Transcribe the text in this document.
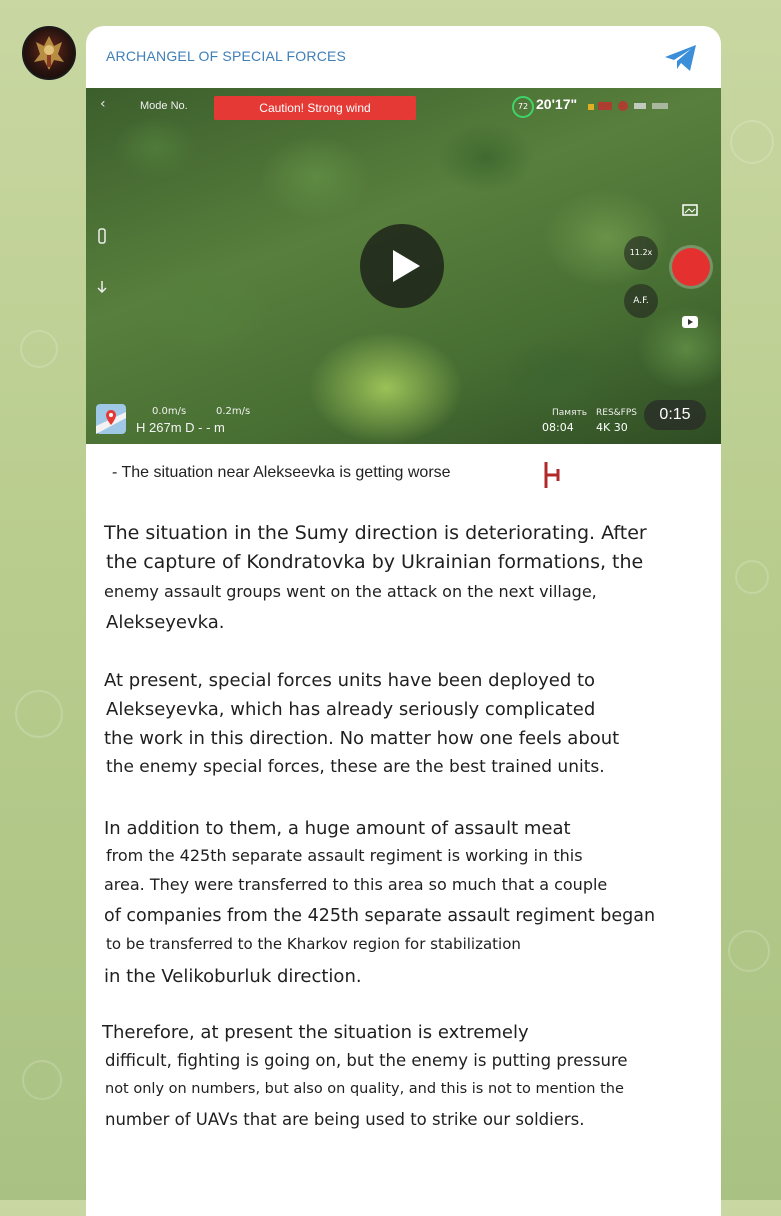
ARCHANGEL OF SPECIAL FORCES
‹	Mode No.	Caution! Strong wind	72 20'17"
11.2x
A.F.
0.0m/s	0.2m/s
H 267m D - - m
Память RES&FPS
08:04 4K 30
0:15
- The situation near Alekseevka is getting worse
The situation in the Sumy direction is deteriorating. After
the capture of Kondratovka by Ukrainian formations, the
enemy assault groups went on the attack on the next village,
Alekseyevka.
At present, special forces units have been deployed to
Alekseyevka, which has already seriously complicated
the work in this direction. No matter how one feels about
the enemy special forces, these are the best trained units.
In addition to them, a huge amount of assault meat
from the 425th separate assault regiment is working in this
area. They were transferred to this area so much that a couple
of companies from the 425th separate assault regiment began
to be transferred to the Kharkov region for stabilization
in the Velikoburluk direction.
Therefore, at present the situation is extremely
difficult, fighting is going on, but the enemy is putting pressure
not only on numbers, but also on quality, and this is not to mention the
number of UAVs that are being used to strike our soldiers.
